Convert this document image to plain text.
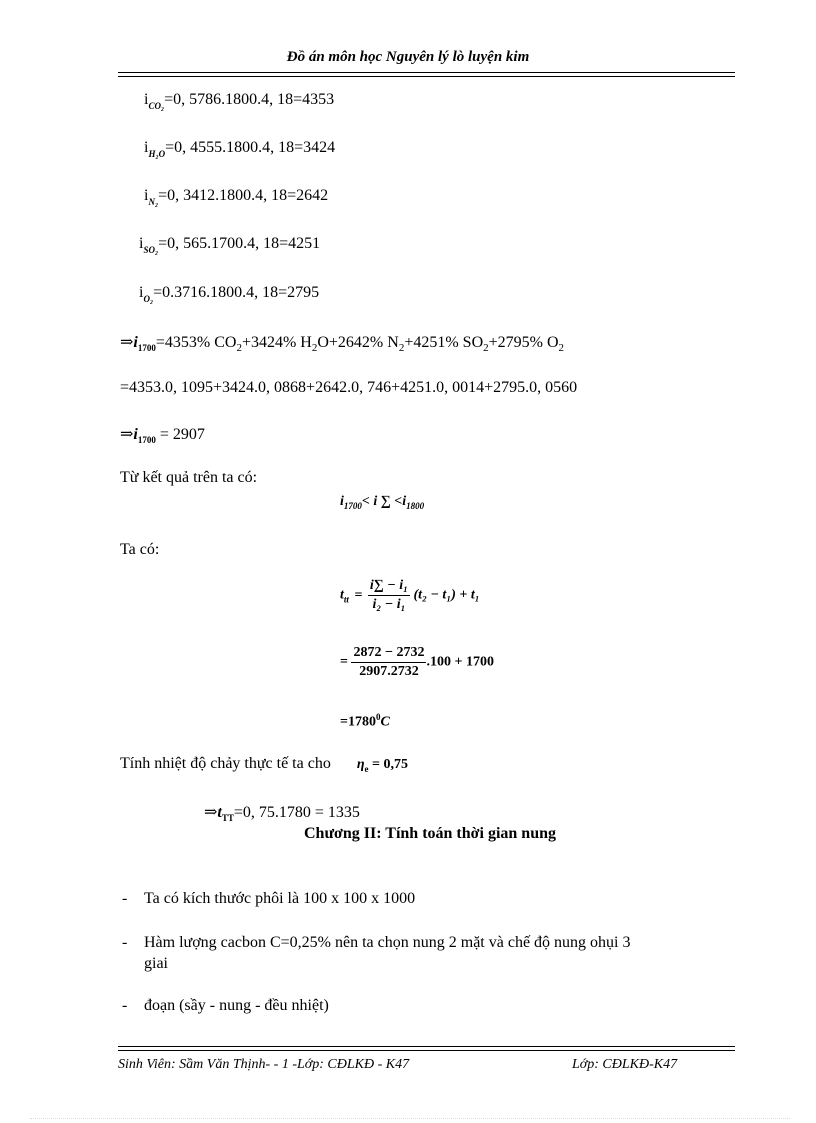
Đồ án môn học Nguyên lý lò luyện kim
$i_{CO_2}=0$, 5786.1800.4, 18=4353
$i_{H_2O}=0$, 4555.1800.4, 18=3424
$i_{N_2}=0$, 3412.1800.4, 18=2642
$i_{SO_2}=0$, 565.1700.4, 18=4251
$i_{O_2}=0.3716.1800.4$, 18=2795
$\Rightarrow i_{1700}=4353\%$ $CO_2+3424\%$ $H_2O+2642\%$ $N_2+4251\%$ $SO_2+2795\%$ $O_2$
=4353.0, 1095+3424.0, 0868+2642.0, 746+4251.0, 0014+2795.0, 0560
$\Rightarrow i_{1700} = 2907$
Từ kết quả trên ta có:
$i_{1700}< i$ ∑ $<i_{1800}$
Ta có:
$t_{tt} = \frac{\text{i∑ − i₁}}{\text{i₂ − i₁}} (t_2 - t_1) + t_1$
= $\frac{2872 - 2732}{2907.2732} .100 + 1700$
$=1780^0C$
Tính nhiệt độ chảy thực tế ta cho $\eta_e = 0,75$
$\Rightarrow t_{TT}=0$, 75.1780 = 1335
Chương II: Tính toán thời gian nung
- Ta có kích thước phôi là 100 x 100 x 1000
- Hàm lượng cacbon C=0,25% nên ta chọn nung 2 mặt và chế độ nung ohụi 3
giai
- đoạn (sầy - nung - đều nhiệt)
Sinh Viên: Sầm Văn Thịnh- - 1 -Lớp: CĐLKĐ - K47	Lớp: CĐLKĐ-K47
